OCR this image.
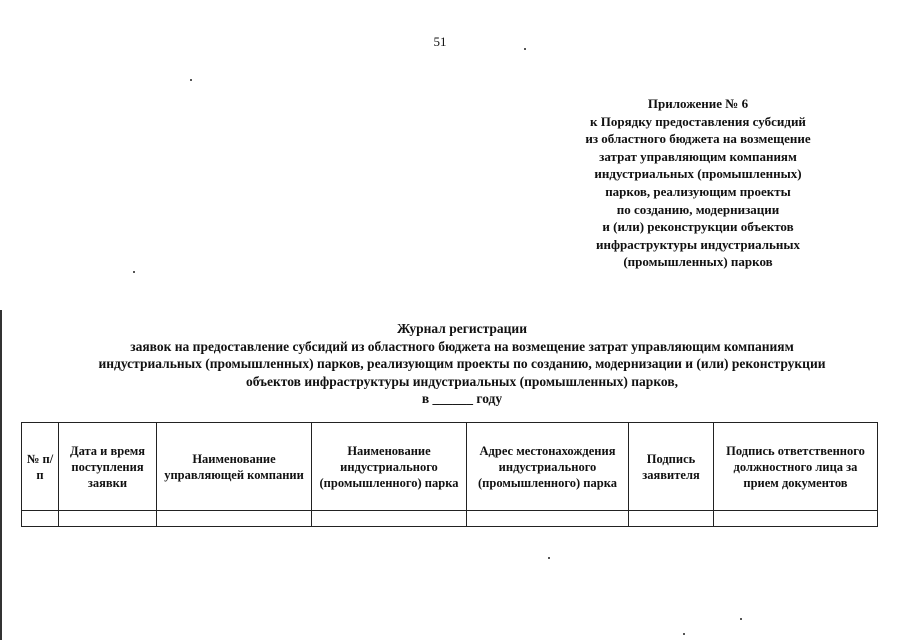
51
Приложение № 6
к Порядку предоставления субсидий
из областного бюджета на возмещение
затрат управляющим компаниям
индустриальных (промышленных)
парков, реализующим проекты
по созданию, модернизации
и (или) реконструкции объектов
инфраструктуры индустриальных
(промышленных) парков
Журнал регистрации
заявок на предоставление субсидий из областного бюджета на возмещение затрат управляющим компаниям
индустриальных (промышленных) парков, реализующим проекты по созданию, модернизации и (или) реконструкции
объектов инфраструктуры индустриальных (промышленных) парков,
в ______ году
№ п/п	Дата и время поступления заявки	Наименование управляющей компании	Наименование индустриального (промышленного) парка	Адрес местонахождения индустриального (промышленного) парка	Подпись заявителя	Подпись ответственного должностного лица за прием документов
